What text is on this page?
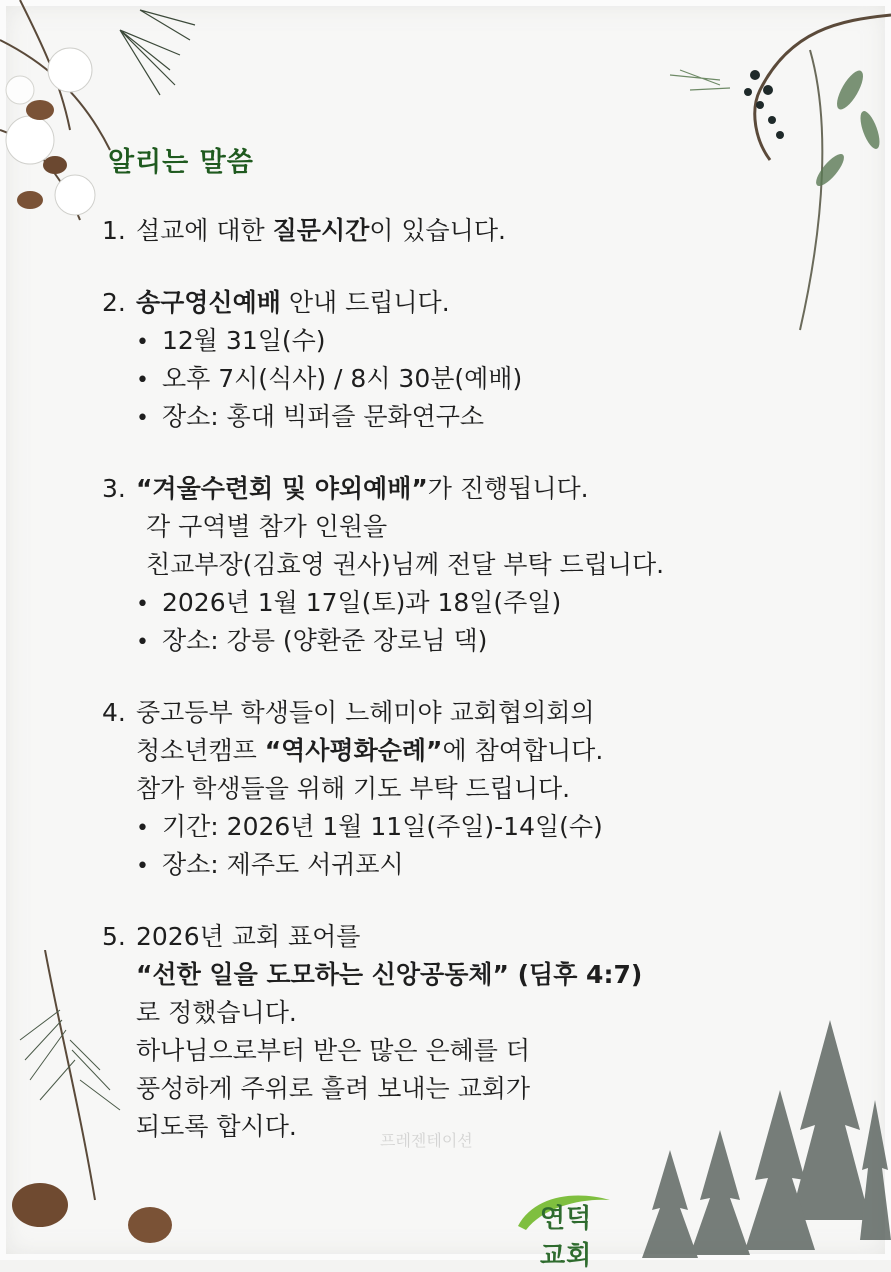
알리는 말씀
1. 설교에 대한 질문시간이 있습니다.
2. 송구영신예배 안내 드립니다.
• 12월 31일(수)
• 오후 7시(식사) / 8시 30분(예배)
• 장소: 홍대 빅퍼즐 문화연구소
3. “겨울수련회 및 야외예배”가 진행됩니다.
각 구역별 참가 인원을
친교부장(김효영 권사)님께 전달 부탁 드립니다.
• 2026년 1월 17일(토)과 18일(주일)
• 장소: 강릉 (양환준 장로님 댁)
4. 중고등부 학생들이 느헤미야 교회협의회의
청소년캠프 “역사평화순례”에 참여합니다.
참가 학생들을 위해 기도 부탁 드립니다.
• 기간: 2026년 1월 11일(주일)-14일(수)
• 장소: 제주도 서귀포시
5. 2026년 교회 표어를
“선한 일을 도모하는 신앙공동체” (딤후 4:7)
로 정했습니다.
하나님으로부터 받은 많은 은혜를 더
풍성하게 주위로 흘려 보내는 교회가
되도록 합시다.	프레젠테이션
연덕교회
